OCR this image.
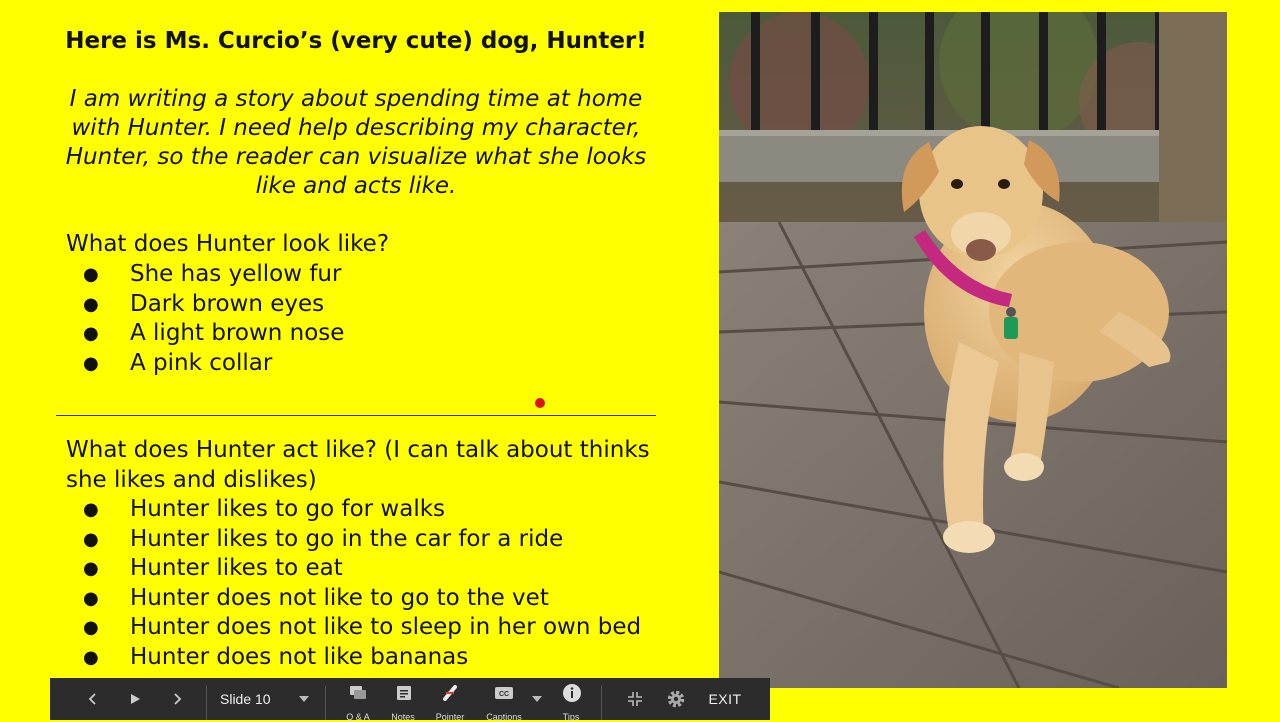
Here is Ms. Curcio’s (very cute) dog, Hunter!
I am writing a story about spending time at home with Hunter. I need help describing my character, Hunter, so the reader can visualize what she looks like and acts like.
What does Hunter look like?
● She has yellow fur
● Dark brown eyes
● A light brown nose
● A pink collar
What does Hunter act like? (I can talk about thinks she likes and dislikes)
● Hunter likes to go for walks
● Hunter likes to go in the car for a ride
● Hunter likes to eat
● Hunter does not like to go to the vet
● Hunter does not like to sleep in her own bed
● Hunter does not like bananas
Slide 10
Q & A	Notes	Pointer
CC
Captions	Tips
EXIT
